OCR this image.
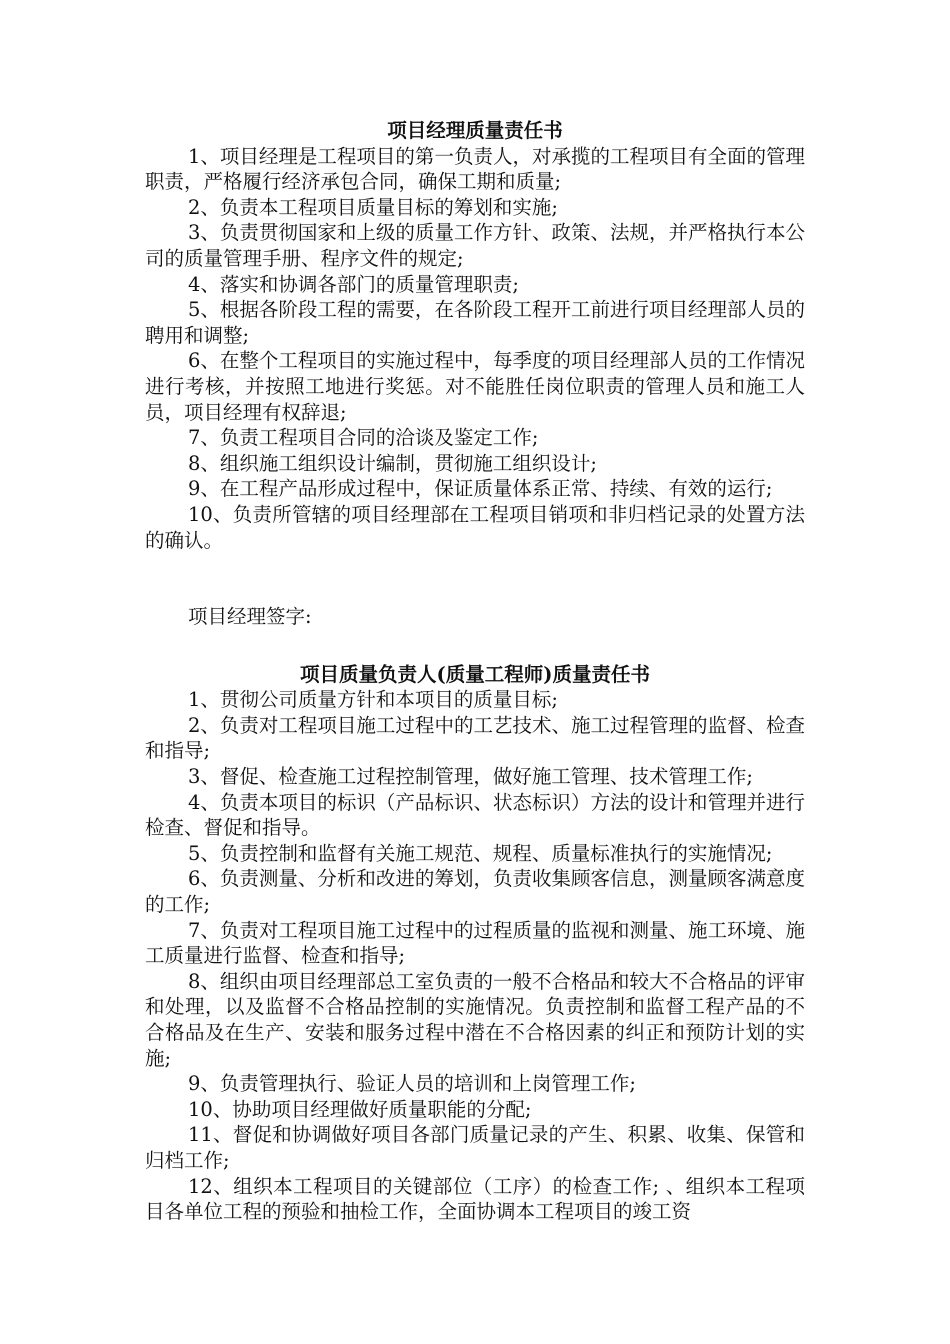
项目经理质量责任书

1、项目经理是工程项目的第一负责人，对承揽的工程项目有全面的管理职责，严格履行经济承包合同，确保工期和质量;

2、负责本工程项目质量目标的筹划和实施;

3、负责贯彻国家和上级的质量工作方针、政策、法规，并严格执行本公司的质量管理手册、程序文件的规定;

4、落实和协调各部门的质量管理职责;

5、根据各阶段工程的需要，在各阶段工程开工前进行项目经理部人员的聘用和调整;

6、在整个工程项目的实施过程中，每季度的项目经理部人员的工作情况进行考核，并按照工地进行奖惩。对不能胜任岗位职责的管理人员和施工人员，项目经理有权辞退;

7、负责工程项目合同的洽谈及鉴定工作;

8、组织施工组织设计编制，贯彻施工组织设计;

9、在工程产品形成过程中，保证质量体系正常、持续、有效的运行;

10、负责所管辖的项目经理部在工程项目销项和非归档记录的处置方法的确认。

项目经理签字:

项目质量负责人(质量工程师)质量责任书

1、贯彻公司质量方针和本项目的质量目标;

2、负责对工程项目施工过程中的工艺技术、施工过程管理的监督、检查和指导;

3、督促、检查施工过程控制管理，做好施工管理、技术管理工作;

4、负责本项目的标识（产品标识、状态标识）方法的设计和管理并进行检查、督促和指导。

5、负责控制和监督有关施工规范、规程、质量标准执行的实施情况;

6、负责测量、分析和改进的筹划，负责收集顾客信息，测量顾客满意度的工作;

7、负责对工程项目施工过程中的过程质量的监视和测量、施工环境、施工质量进行监督、检查和指导;

8、组织由项目经理部总工室负责的一般不合格品和较大不合格品的评审和处理，以及监督不合格品控制的实施情况。负责控制和监督工程产品的不合格品及在生产、安装和服务过程中潜在不合格因素的纠正和预防计划的实施;

9、负责管理执行、验证人员的培训和上岗管理工作;

10、协助项目经理做好质量职能的分配;

11、督促和协调做好项目各部门质量记录的产生、积累、收集、保管和归档工作;

12、组织本工程项目的关键部位（工序）的检查工作; 、组织本工程项目各单位工程的预验和抽检工作，全面协调本工程项目的竣工资
